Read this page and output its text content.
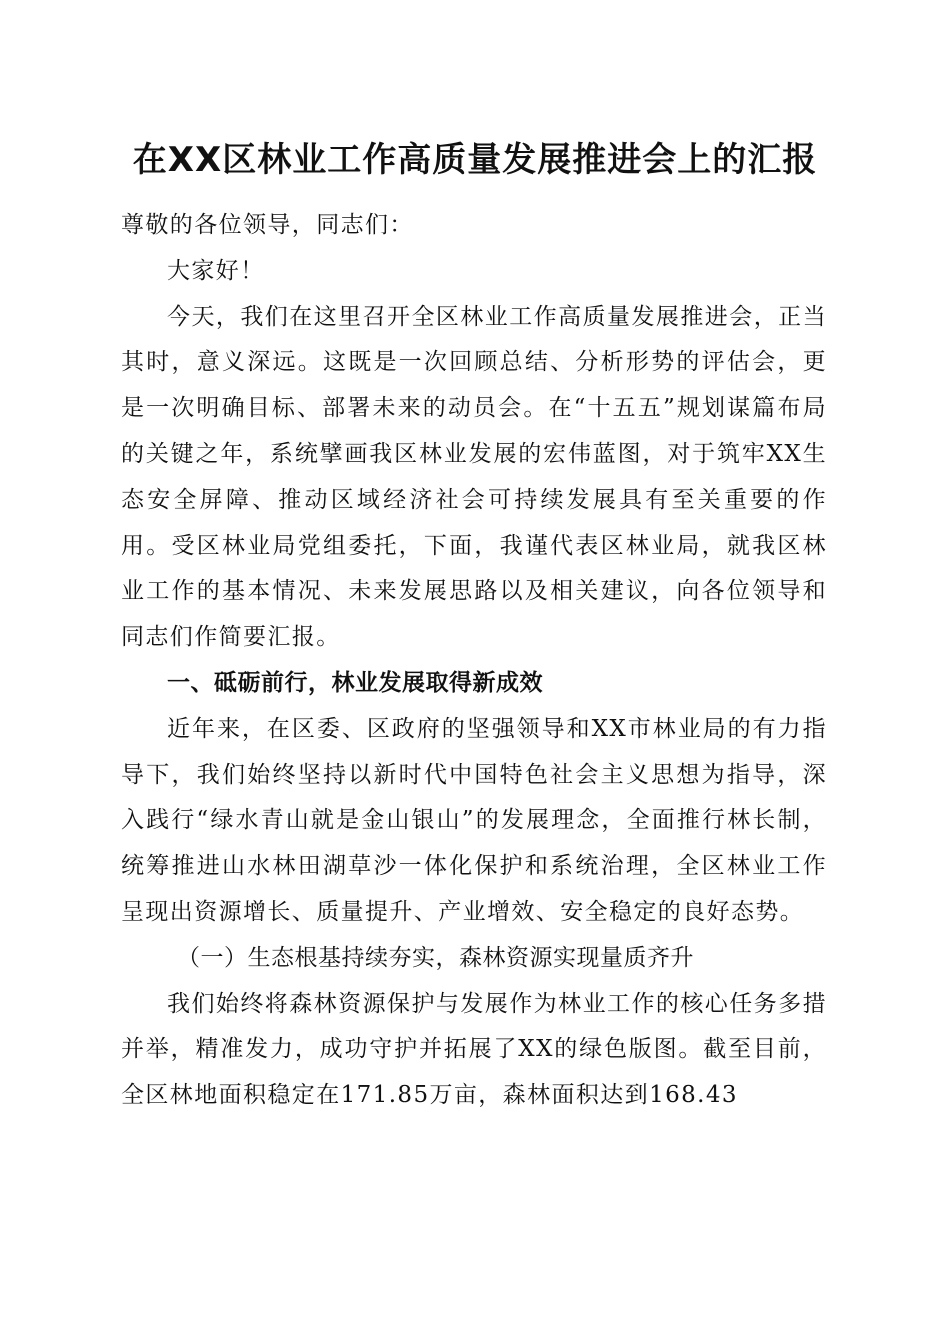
在XX区林业工作高质量发展推进会上的汇报

尊敬的各位领导，同志们：

大家好！

今天，我们在这里召开全区林业工作高质量发展推进会，正当其时，意义深远。这既是一次回顾总结、分析形势的评估会，更是一次明确目标、部署未来的动员会。在“十五五”规划谋篇布局的关键之年，系统擘画我区林业发展的宏伟蓝图，对于筑牢XX生态安全屏障、推动区域经济社会可持续发展具有至关重要的作用。受区林业局党组委托，下面，我谨代表区林业局，就我区林业工作的基本情况、未来发展思路以及相关建议，向各位领导和同志们作简要汇报。

一、砥砺前行，林业发展取得新成效

近年来，在区委、区政府的坚强领导和XX市林业局的有力指导下，我们始终坚持以新时代中国特色社会主义思想为指导，深入践行“绿水青山就是金山银山”的发展理念，全面推行林长制，统筹推进山水林田湖草沙一体化保护和系统治理，全区林业工作呈现出资源增长、质量提升、产业增效、安全稳定的良好态势。

（一）生态根基持续夯实，森林资源实现量质齐升

我们始终将森林资源保护与发展作为林业工作的核心任务多措并举，精准发力，成功守护并拓展了XX的绿色版图。截至目前，全区林地面积稳定在171.85万亩，森林面积达到168.43
